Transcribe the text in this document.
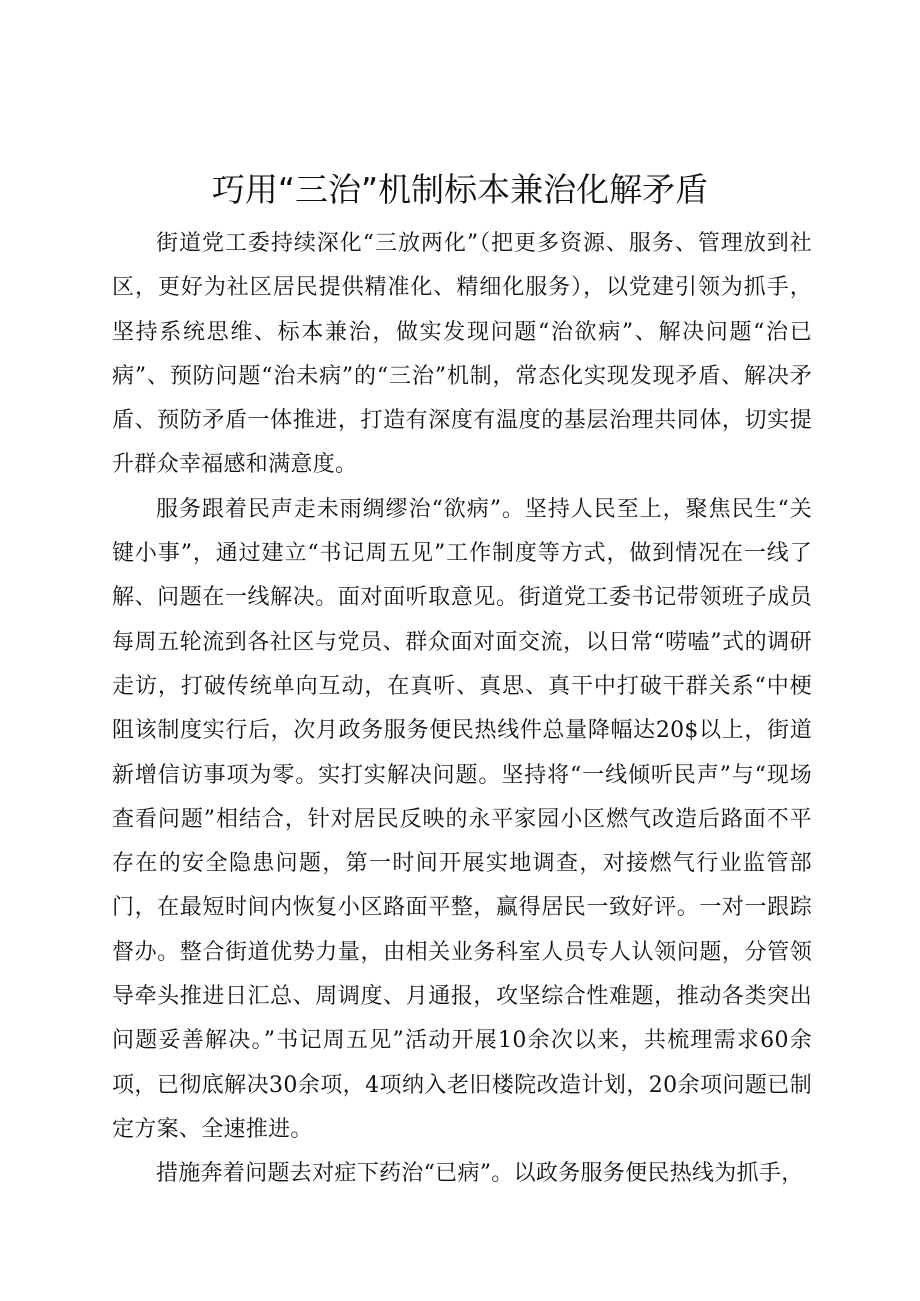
巧用“三治”机制标本兼治化解矛盾

街道党工委持续深化“三放两化”（把更多资源、服务、管理放到社区，更好为社区居民提供精准化、精细化服务），以党建引领为抓手，坚持系统思维、标本兼治，做实发现问题“治欲病”、解决问题“治已病”、预防问题“治未病”的“三治”机制，常态化实现发现矛盾、解决矛盾、预防矛盾一体推进，打造有深度有温度的基层治理共同体，切实提升群众幸福感和满意度。

服务跟着民声走未雨绸缪治“欲病”。坚持人民至上，聚焦民生“关键小事”，通过建立“书记周五见”工作制度等方式，做到情况在一线了解、问题在一线解决。面对面听取意见。街道党工委书记带领班子成员每周五轮流到各社区与党员、群众面对面交流，以日常“唠嗑”式的调研走访，打破传统单向互动，在真听、真思、真干中打破干群关系“中梗阻该制度实行后，次月政务服务便民热线件总量降幅达20$以上，街道新增信访事项为零。实打实解决问题。坚持将“一线倾听民声”与“现场查看问题”相结合，针对居民反映的永平家园小区燃气改造后路面不平存在的安全隐患问题，第一时间开展实地调查，对接燃气行业监管部门，在最短时间内恢复小区路面平整，赢得居民一致好评。一对一跟踪督办。整合街道优势力量，由相关业务科室人员专人认领问题，分管领导牵头推进日汇总、周调度、月通报，攻坚综合性难题，推动各类突出问题妥善解决。”书记周五见”活动开展10余次以来，共梳理需求60余项，已彻底解决30余项，4项纳入老旧楼院改造计划，20余项问题已制定方案、全速推进。

措施奔着问题去对症下药治“已病”。以政务服务便民热线为抓手，
